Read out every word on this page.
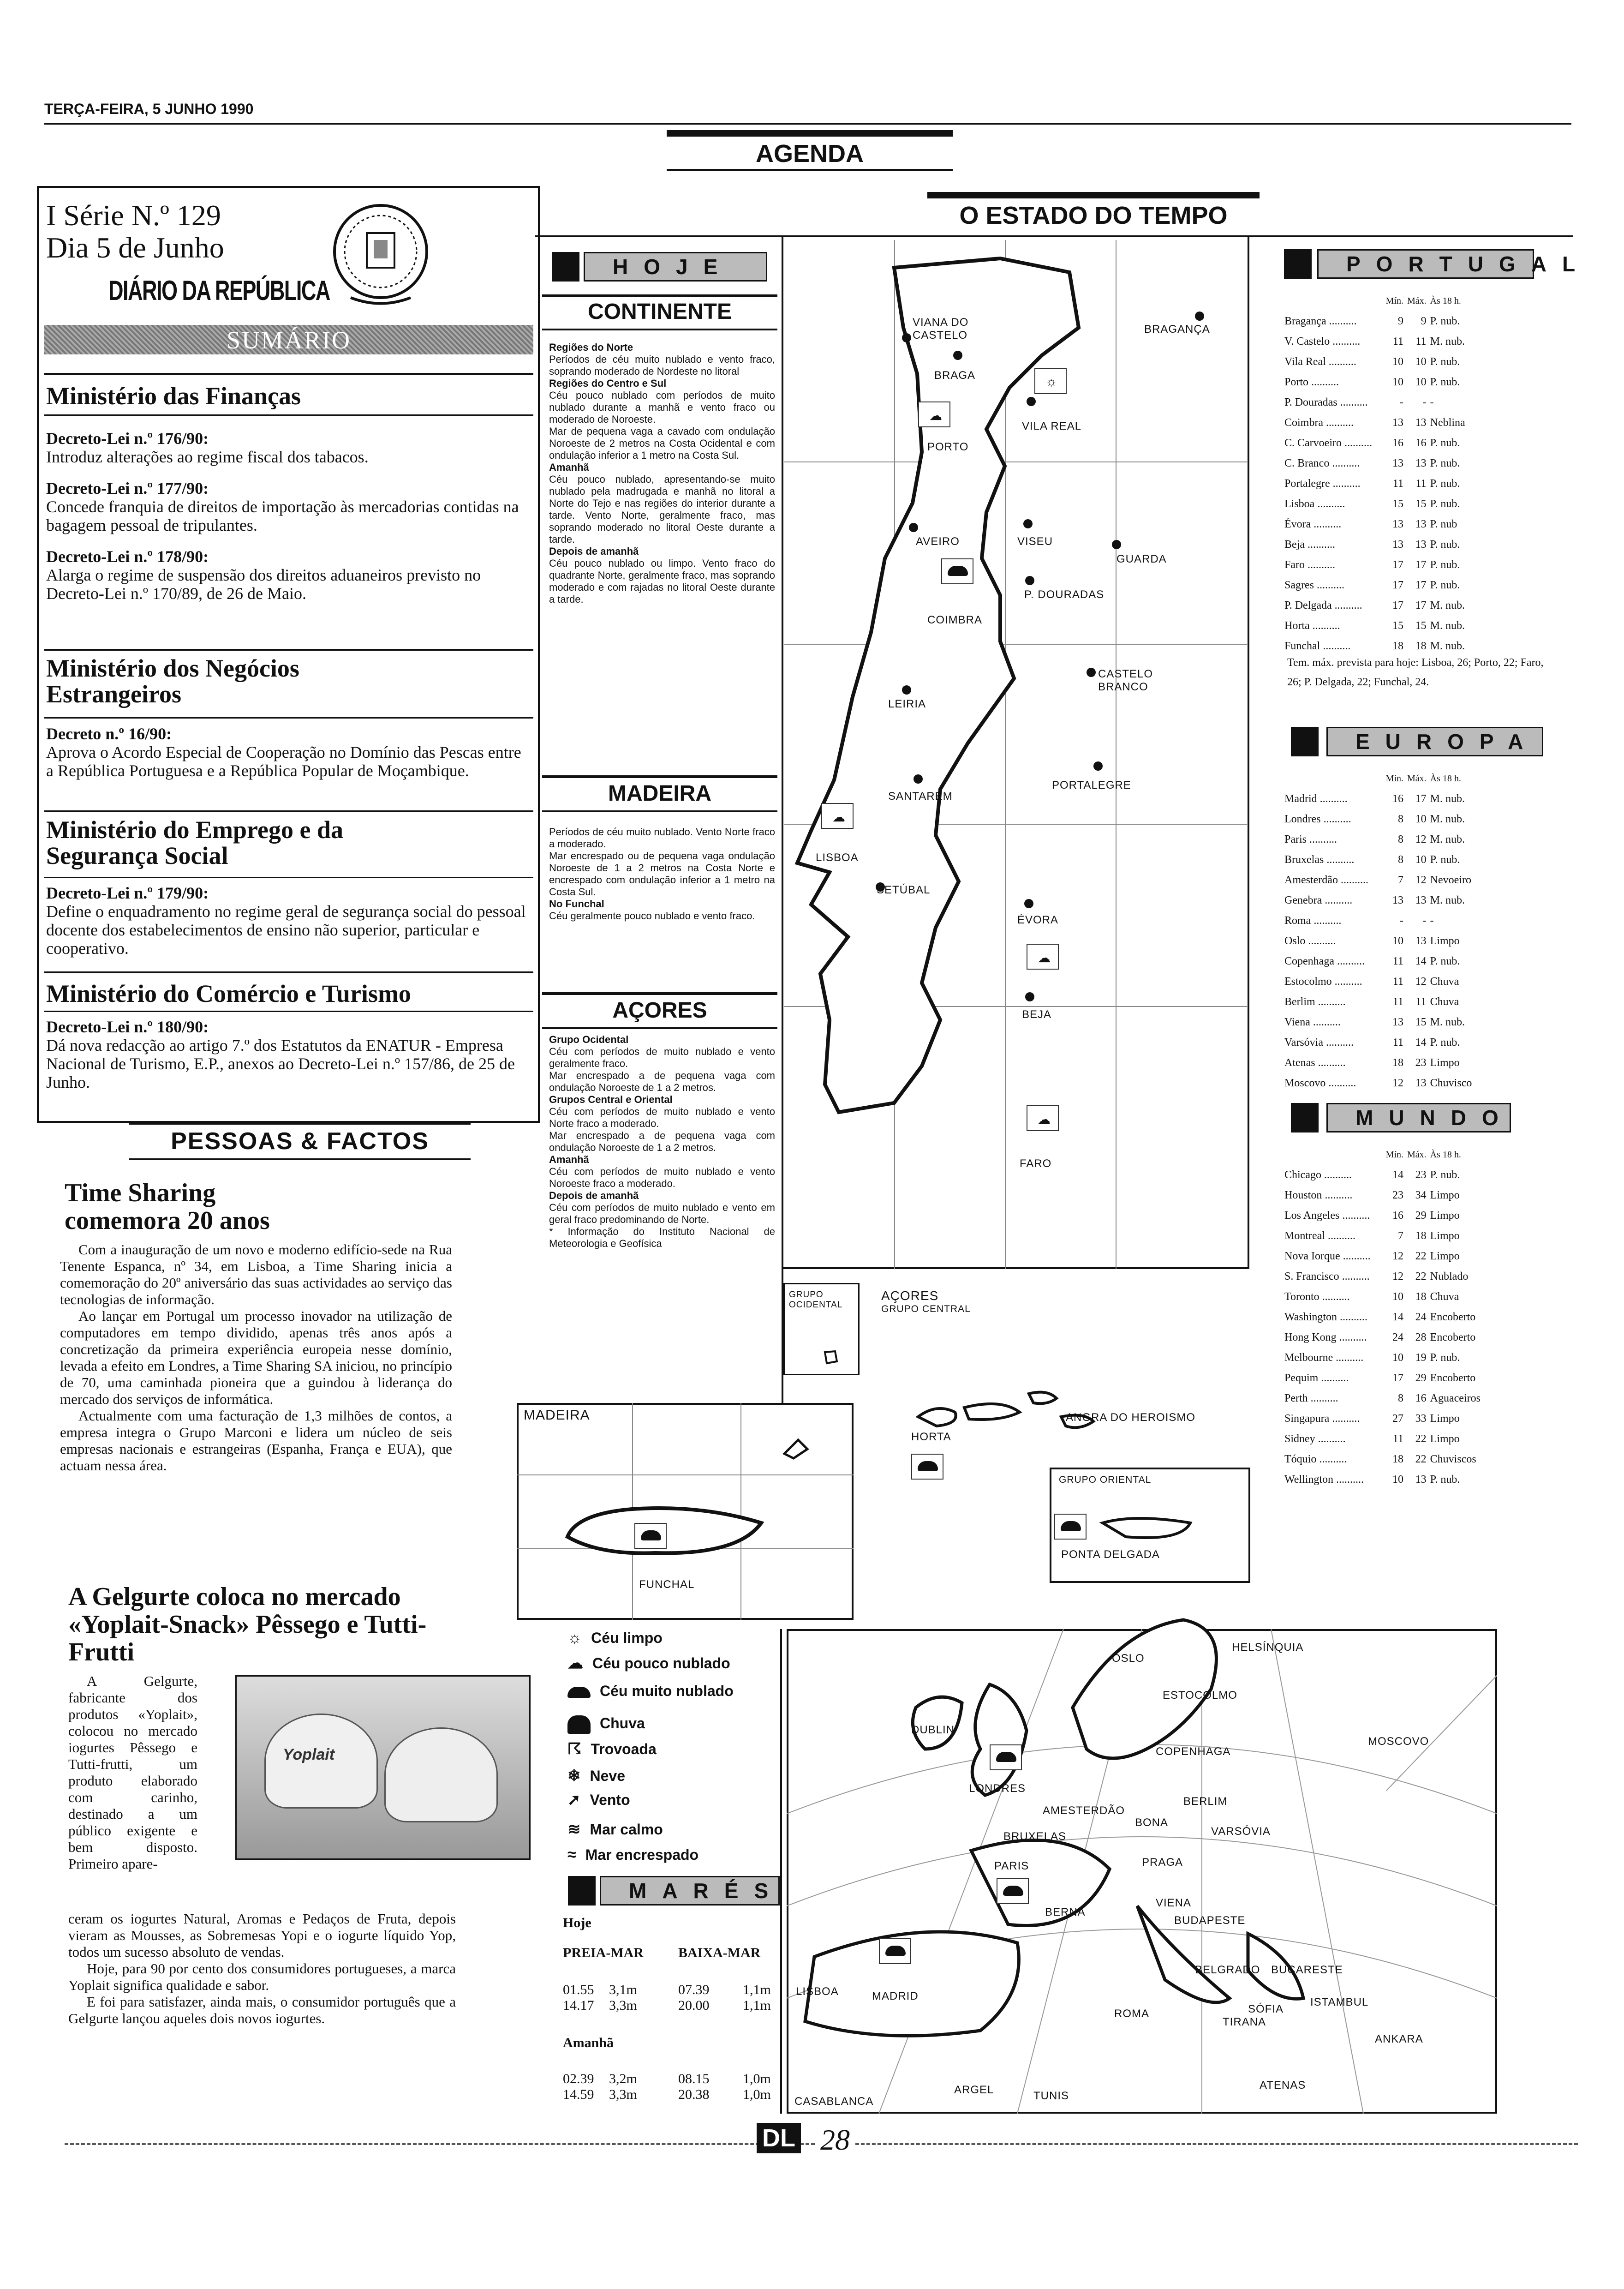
TERÇA-FEIRA, 5 JUNHO 1990
AGENDA
I Série N.º 129
Dia 5 de Junho
DIÁRIO DA REPÚBLICA
SUMÁRIO
Ministério das Finanças
Decreto-Lei n.º 176/90:
Introduz alterações ao regime fiscal dos tabacos.
Decreto-Lei n.º 177/90:
Concede franquia de direitos de importação às mercadorias contidas na bagagem pessoal de tripulantes.
Decreto-Lei n.º 178/90:
Alarga o regime de suspensão dos direitos aduaneiros previsto no Decreto-Lei n.º 170/89, de 26 de Maio.
Ministério dos Negócios Estrangeiros
Decreto n.º 16/90:
Aprova o Acordo Especial de Cooperação no Domínio das Pescas entre a República Portuguesa e a República Popular de Moçambique.
Ministério do Emprego e da Segurança Social
Decreto-Lei n.º 179/90:
Define o enquadramento no regime geral de segurança social do pessoal docente dos estabelecimentos de ensino não superior, particular e cooperativo.
Ministério do Comércio e Turismo
Decreto-Lei n.º 180/90:
Dá nova redacção ao artigo 7.º dos Estatutos da ENATUR - Empresa Nacional de Turismo, E.P., anexos ao Decreto-Lei n.º 157/86, de 25 de Junho.
PESSOAS & FACTOS
Time Sharing comemora 20 anos
Com a inauguração de um novo e moderno edifício-sede na Rua Tenente Espanca, nº 34, em Lisboa, a Time Sharing inicia a comemoração do 20º aniversário das suas actividades ao serviço das tecnologias de informação.
Ao lançar em Portugal um processo inovador na utilização de computadores em tempo dividido, apenas três anos após a concretização da primeira experiência europeia nesse domínio, levada a efeito em Londres, a Time Sharing SA iniciou, no princípio de 70, uma caminhada pioneira que a guindou à liderança do mercado dos serviços de informática.
Actualmente com uma facturação de 1,3 milhões de contos, a empresa integra o Grupo Marconi e lidera um núcleo de seis empresas nacionais e estrangeiras (Espanha, França e EUA), que actuam nessa área.
A Gelgurte coloca no mercado «Yoplait-Snack» Pêssego e Tutti-Frutti
A Gelgurte, fabricante dos produtos «Yoplait», colocou no mercado iogurtes Pêssego e Tutti-frutti, um produto elaborado com carinho, destinado a um público exigente e bem disposto. Primeiro apare-
Yoplait
ceram os iogurtes Natural, Aromas e Pedaços de Fruta, depois vieram as Mousses, as Sobremesas Yopi e o iogurte líquido Yop, todos um sucesso absoluto de vendas.
Hoje, para 90 por cento dos consumidores portugueses, a marca Yoplait significa qualidade e sabor.
E foi para satisfazer, ainda mais, o consumidor português que a Gelgurte lançou aqueles dois novos iogurtes.
O ESTADO DO TEMPO
HOJE
CONTINENTE
Regiões do Norte
Períodos de céu muito nublado e vento fraco, soprando moderado de Nordeste no litoral
Regiões do Centro e Sul
Céu pouco nublado com períodos de muito nublado durante a manhã e vento fraco ou moderado de Noroeste.
Mar de pequena vaga a cavado com ondulação Noroeste de 2 metros na Costa Ocidental e com ondulação inferior a 1 metro na Costa Sul.
Amanhã
Céu pouco nublado, apresentando-se muito nublado pela madrugada e manhã no litoral a Norte do Tejo e nas regiões do interior durante a tarde. Vento Norte, geralmente fraco, mas soprando moderado no litoral Oeste durante a tarde.
Depois de amanhã
Céu pouco nublado ou limpo. Vento fraco do quadrante Norte, geralmente fraco, mas soprando moderado e com rajadas no litoral Oeste durante a tarde.
MADEIRA
Períodos de céu muito nublado. Vento Norte fraco a moderado.
Mar encrespado ou de pequena vaga ondulação Noroeste de 1 a 2 metros na Costa Norte e encrespado com ondulação inferior a 1 metro na Costa Sul.
No Funchal
Céu geralmente pouco nublado e vento fraco.
AÇORES
Grupo Ocidental
Céu com períodos de muito nublado e vento geralmente fraco.
Mar encrespado a de pequena vaga com ondulação Noroeste de 1 a 2 metros.
Grupos Central e Oriental
Céu com períodos de muito nublado e vento Norte fraco a moderado.
Mar encrespado a de pequena vaga com ondulação Noroeste de 1 a 2 metros.
Amanhã
Céu com períodos de muito nublado e vento Noroeste fraco a moderado.
Depois de amanhã
Céu com períodos de muito nublado e vento em geral fraco predominando de Norte.
* Informação do Instituto Nacional de Meteorologia e Geofísica
VIANA DO CASTELO
BRAGA
BRAGANÇA
VILA REAL
PORTO
AVEIRO	VISEU
GUARDA
COIMBRA
P. DOURADAS
CASTELO BRANCO
LEIRIA
SANTARÉM
PORTALEGRE
LISBOA
SETÚBAL
ÉVORA
BEJA
FARO
☼
☁
☁
☁
☁
GRUPO OCIDENTAL
AÇORES
GRUPO CENTRAL
HORTA
ANGRA DO HEROISMO
GRUPO ORIENTAL
PONTA DELGADA
MADEIRA
FUNCHAL
PORTUGAL
	Mín.	Máx.	Às 18 h.
Bragança ..........	9	9	P. nub.
V. Castelo ..........	11	11	M. nub.
Vila Real ..........	10	10	P. nub.
Porto ..........	10	10	P. nub.
P. Douradas ..........	-	-	-
Coimbra ..........	13	13	Neblina
C. Carvoeiro ..........	16	16	P. nub.
C. Branco ..........	13	13	P. nub.
Portalegre ..........	11	11	P. nub.
Lisboa ..........	15	15	P. nub.
Évora ..........	13	13	P. nub
Beja ..........	13	13	P. nub.
Faro ..........	17	17	P. nub.
Sagres ..........	17	17	P. nub.
P. Delgada ..........	17	17	M. nub.
Horta ..........	15	15	M. nub.
Funchal ..........	18	18	M. nub.
Tem. máx. prevista para hoje: Lisboa, 26; Porto, 22; Faro, 26; P. Delgada, 22; Funchal, 24.
EUROPA
	Mín.	Máx.	Às 18 h.
Madrid ..........	16	17	M. nub.
Londres ..........	8	10	M. nub.
Paris ..........	8	12	M. nub.
Bruxelas ..........	8	10	P. nub.
Amesterdão ..........	7	12	Nevoeiro
Genebra ..........	13	13	M. nub.
Roma ..........	-	-	-
Oslo ..........	10	13	Limpo
Copenhaga ..........	11	14	P. nub.
Estocolmo ..........	11	12	Chuva
Berlim ..........	11	11	Chuva
Viena ..........	13	15	M. nub.
Varsóvia ..........	11	14	P. nub.
Atenas ..........	18	23	Limpo
Moscovo ..........	12	13	Chuvisco
MUNDO
	Mín.	Máx.	Às 18 h.
Chicago ..........	14	23	P. nub.
Houston ..........	23	34	Limpo
Los Angeles ..........	16	29	Limpo
Montreal ..........	7	18	Limpo
Nova Iorque ..........	12	22	Limpo
S. Francisco ..........	12	22	Nublado
Toronto ..........	10	18	Chuva
Washington ..........	14	24	Encoberto
Hong Kong ..........	24	28	Encoberto
Melbourne ..........	10	19	P. nub.
Pequim ..........	17	29	Encoberto
Perth ..........	8	16	Aguaceiros
Singapura ..........	27	33	Limpo
Sidney ..........	11	22	Limpo
Tóquio ..........	18	22	Chuviscos
Wellington ..........	10	13	P. nub.
☼ Céu limpo
☁ Céu pouco nublado
Céu muito nublado
Chuva
☈ Trovoada
❄ Neve
➚ Vento
≋ Mar calmo
≈ Mar encrespado
MARÉS
Hoje
PREIA-MAR	BAIXA-MAR
01.55 3,1m	07.39 1,1m
14.17 3,3m	20.00 1,1m
Amanhã
02.39 3,2m	08.15 1,0m
14.59 3,3m	20.38 1,0m
OSLO
HELSÍNQUIA
ESTOCOLMO
DUBLIN
COPENHAGA
MOSCOVO
LONDRES
AMESTERDÃO
BERLIM
BRUXELAS
BONA
VARSÓVIA
PARIS	PRAGA
BERNA
VIENA
BUDAPESTE
MADRID
LISBOA
ROMA
BELGRADO BUCARESTE
SÓFIA
ISTAMBUL
TIRANA
ANKARA
ATENAS
ARGEL	TUNIS
CASABLANCA
DL 28
